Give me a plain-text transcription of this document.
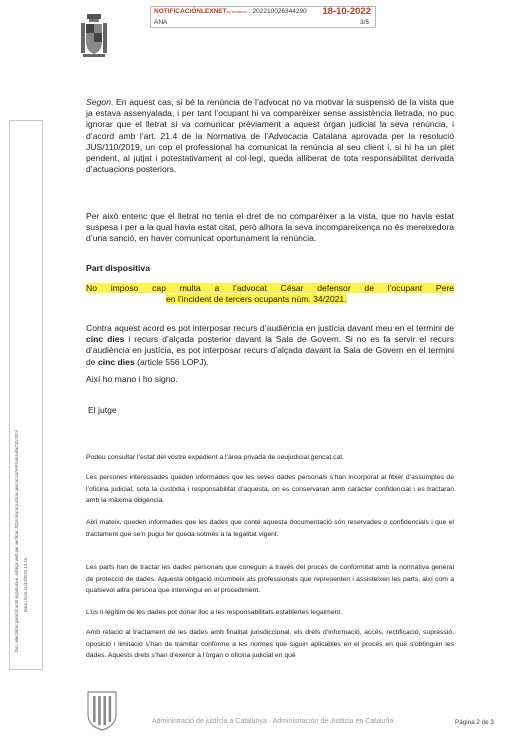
NOTIFICACIÓNLEXNETby kmaleon : 202210026344290
ANA
18-10-2022
3/5
Doc. electrònic garantit amb signatura-e. Adreça web per verificar: https://ejcat.justicia.gencat.cat/IAP/consultaCSV.html Data i hora 11/10/2022 14:15

Segon. En aquest cas, si bé la renúncia de l’advocat no va motivar la suspensió de la vista que ja estava assenyalada, i per tant l’ocupant hi va comparèixer sense assistència lletrada, no puc ignorar que el lletrat sí va comunicar prèviament a aquest òrgan judicial la seva renúncia, i d’acord amb l’art. 21.4 de la Normativa de l’Advocacia Catalana aprovada per la resolució JUS/110/2019, un cop el professional ha comunicat la renúncia al seu client i, si hi ha un plet pendent, al jutjat i potestativament al col·legi, queda alliberat de tota responsabilitat derivada d’actuacions posteriors.

Per això entenc que el lletrat no tenia el dret de no comparèixer a la vista, que no havia estat suspesa i per a la qual havia estat citat, però alhora la seva incompareixença no és mereixedora d’una sanció, en haver comunicat oportunament la renúncia.

Part dispositiva
No imposo cap multa a l’advocat César defensor de l’ocupant Pere
en l’incident de tercers ocupants núm. 34/2021.

Contra aquest acord es pot interposar recurs d’audiència en justícia davant meu en el termini de cinc dies i recurs d’alçada posterior davant la Sala de Govern. Si no es fa servir el recurs d’audiència en justícia, es pot interposar recurs d’alçada davant la Sala de Govern en el termini de cinc dies (article 556 LOPJ).

Així ho mano i ho signo.

El jutge

Podeu consultar l’estat del vostre expedient a l’àrea privada de seujudicial.gencat.cat.

Les persones interessades queden informades que les seves dades personals s’han incorporat al fitxer d’assumptes de l’oficina judicial, sota la custòdia i responsabilitat d’aquesta, on es conservaran amb caràcter confidencial i es tractaran amb la màxima diligència.

Així mateix, queden informades que les dades que conté aquesta documentació són reservades o confidencials i que el tractament que se’n pugui fer queda sotmès a la legalitat vigent.

Les parts han de tractar les dades personals que coneguin a través del procés de conformitat amb la normativa general de protecció de dades. Aquesta obligació incumbeix als professionals que representen i assisteixen les parts, així com a qualsevol altra persona que intervingui en el procediment.

L’ús il·legítim de les dades pot donar lloc a les responsabilitats establertes legalment.

Amb relació al tractament de les dades amb finalitat jurisdiccional, els drets d’informació, accés, rectificació, supressió, oposició i limitació s’han de tramitar conforme a les normes que siguin aplicables en el procés en què s’obtinguin les dades. Aquests drets s’han d’exercir a l’òrgan o oficina judicial en què

Administració de justícia a Catalunya · Administración de Justicia en Cataluña	Pàgina 2 de 3
